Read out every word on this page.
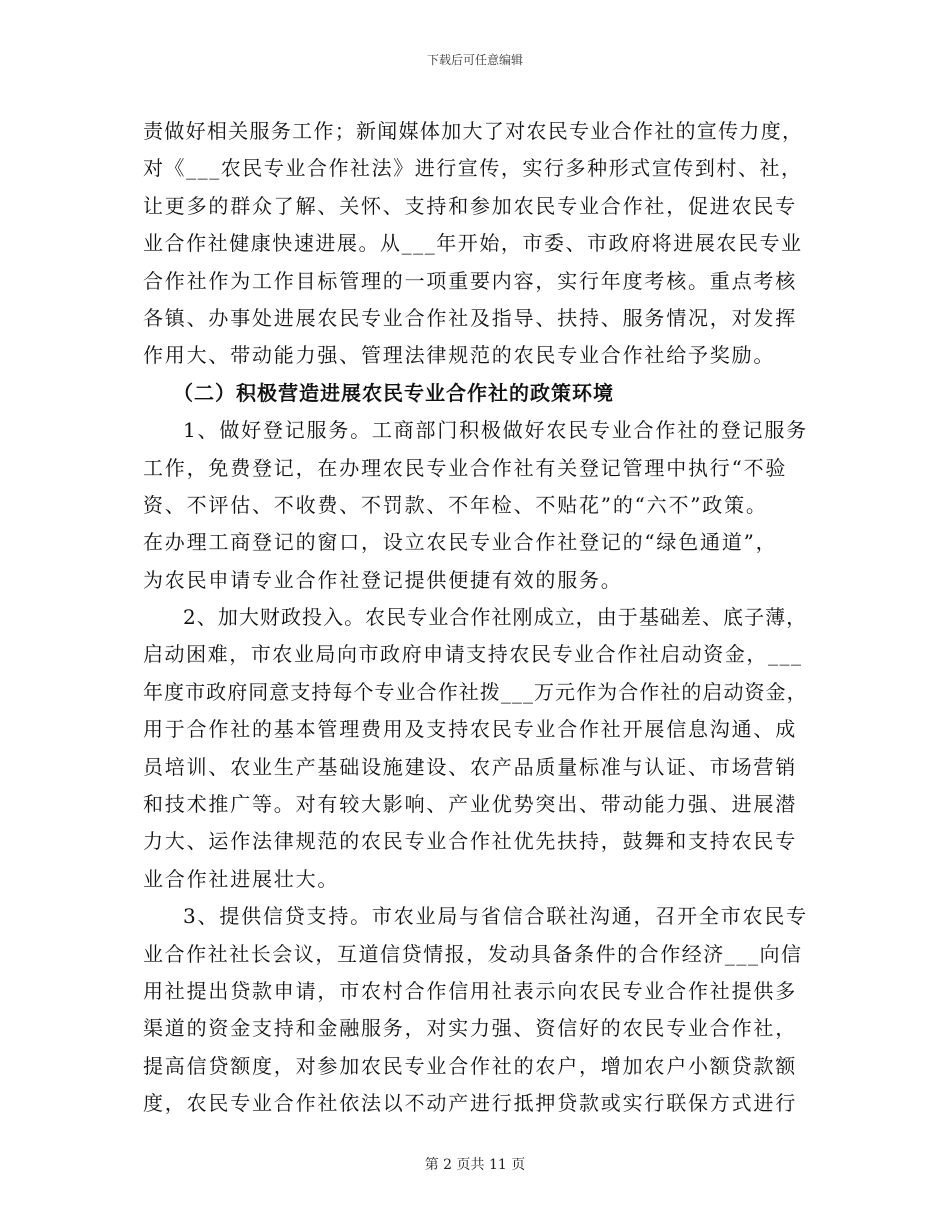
下载后可任意编辑
责做好相关服务工作；新闻媒体加大了对农民专业合作社的宣传力度，
对《___农民专业合作社法》进行宣传，实行多种形式宣传到村、社，
让更多的群众了解、关怀、支持和参加农民专业合作社，促进农民专
业合作社健康快速进展。从___年开始，市委、市政府将进展农民专业
合作社作为工作目标管理的一项重要内容，实行年度考核。重点考核
各镇、办事处进展农民专业合作社及指导、扶持、服务情况，对发挥
作用大、带动能力强、管理法律规范的农民专业合作社给予奖励。
（二）积极营造进展农民专业合作社的政策环境
1、做好登记服务。工商部门积极做好农民专业合作社的登记服务
工作，免费登记，在办理农民专业合作社有关登记管理中执行“不验
资、不评估、不收费、不罚款、不年检、不贴花”的“六不”政策。
在办理工商登记的窗口，设立农民专业合作社登记的“绿色通道”，
为农民申请专业合作社登记提供便捷有效的服务。
2、加大财政投入。农民专业合作社刚成立，由于基础差、底子薄，
启动困难，市农业局向市政府申请支持农民专业合作社启动资金，___
年度市政府同意支持每个专业合作社拨___万元作为合作社的启动资金，
用于合作社的基本管理费用及支持农民专业合作社开展信息沟通、成
员培训、农业生产基础设施建设、农产品质量标准与认证、市场营销
和技术推广等。对有较大影响、产业优势突出、带动能力强、进展潜
力大、运作法律规范的农民专业合作社优先扶持，鼓舞和支持农民专
业合作社进展壮大。
3、提供信贷支持。市农业局与省信合联社沟通，召开全市农民专
业合作社社长会议，互道信贷情报，发动具备条件的合作经济___向信
用社提出贷款申请，市农村合作信用社表示向农民专业合作社提供多
渠道的资金支持和金融服务，对实力强、资信好的农民专业合作社，
提高信贷额度，对参加农民专业合作社的农户，增加农户小额贷款额
度，农民专业合作社依法以不动产进行抵押贷款或实行联保方式进行
第 2 页共 11 页
